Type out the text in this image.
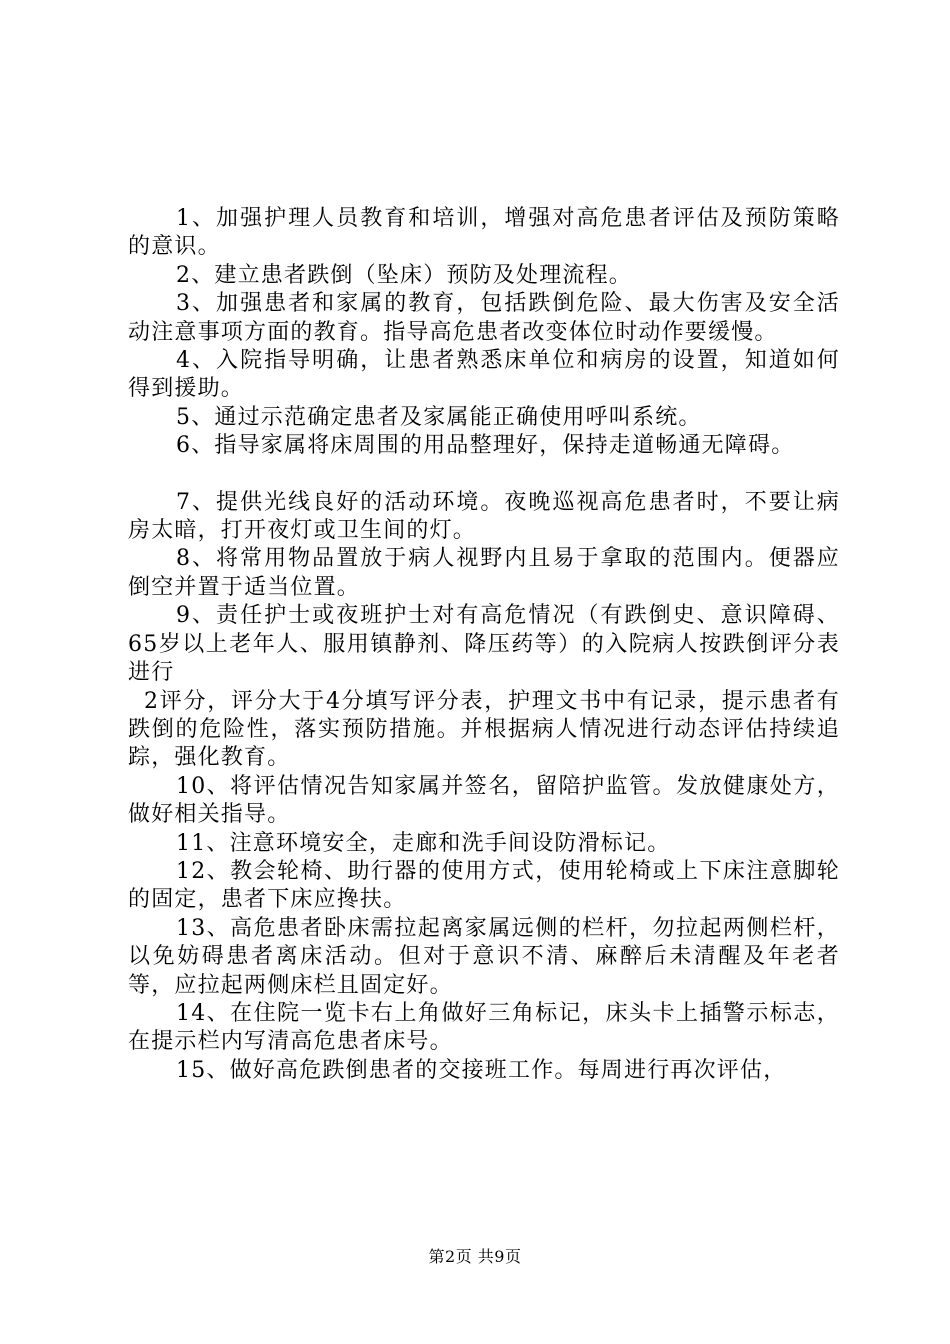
1、加强护理人员教育和培训，增强对高危患者评估及预防策略的意识。

2、建立患者跌倒（坠床）预防及处理流程。

3、加强患者和家属的教育，包括跌倒危险、最大伤害及安全活动注意事项方面的教育。指导高危患者改变体位时动作要缓慢。

4、入院指导明确，让患者熟悉床单位和病房的设置，知道如何得到援助。

5、通过示范确定患者及家属能正确使用呼叫系统。

6、指导家属将床周围的用品整理好，保持走道畅通无障碍。

7、提供光线良好的活动环境。夜晚巡视高危患者时，不要让病房太暗，打开夜灯或卫生间的灯。

8、将常用物品置放于病人视野内且易于拿取的范围内。便器应倒空并置于适当位置。

9、责任护士或夜班护士对有高危情况（有跌倒史、意识障碍、65岁以上老年人、服用镇静剂、降压药等）的入院病人按跌倒评分表进行

2评分，评分大于4分填写评分表，护理文书中有记录，提示患者有跌倒的危险性，落实预防措施。并根据病人情况进行动态评估持续追踪，强化教育。

10、将评估情况告知家属并签名，留陪护监管。发放健康处方，做好相关指导。

11、注意环境安全，走廊和洗手间设防滑标记。

12、教会轮椅、助行器的使用方式，使用轮椅或上下床注意脚轮的固定，患者下床应搀扶。

13、高危患者卧床需拉起离家属远侧的栏杆，勿拉起两侧栏杆，以免妨碍患者离床活动。但对于意识不清、麻醉后未清醒及年老者等，应拉起两侧床栏且固定好。

14、在住院一览卡右上角做好三角标记，床头卡上插警示标志，在提示栏内写清高危患者床号。

15、做好高危跌倒患者的交接班工作。每周进行再次评估，

第2页 共9页
